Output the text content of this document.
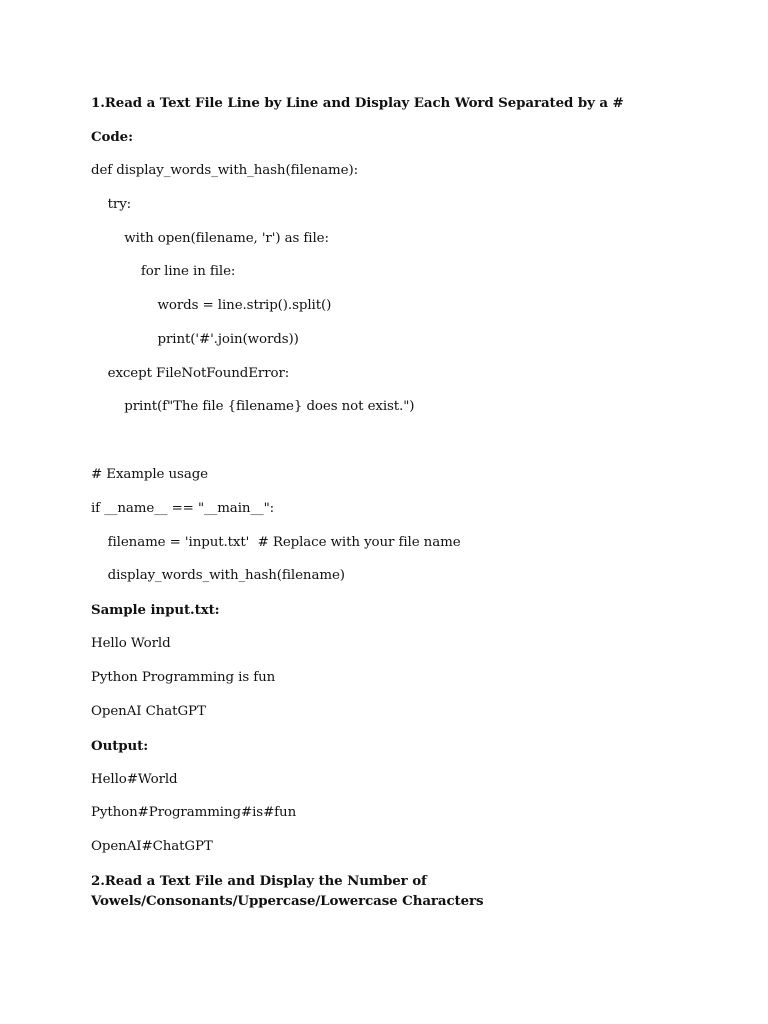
1.Read a Text File Line by Line and Display Each Word Separated by a #
Code:
def display_words_with_hash(filename):
try:
with open(filename, 'r') as file:
for line in file:
words = line.strip().split()
print('#'.join(words))
except FileNotFoundError:
print(f"The file {filename} does not exist.")
# Example usage
if __name__ == "__main__":
filename = 'input.txt'  # Replace with your file name
display_words_with_hash(filename)
Sample input.txt:
Hello World
Python Programming is fun
OpenAI ChatGPT
Output:
Hello#World
Python#Programming#is#fun
OpenAI#ChatGPT
2.Read a Text File and Display the Number of Vowels/Consonants/Uppercase/Lowercase Characters
